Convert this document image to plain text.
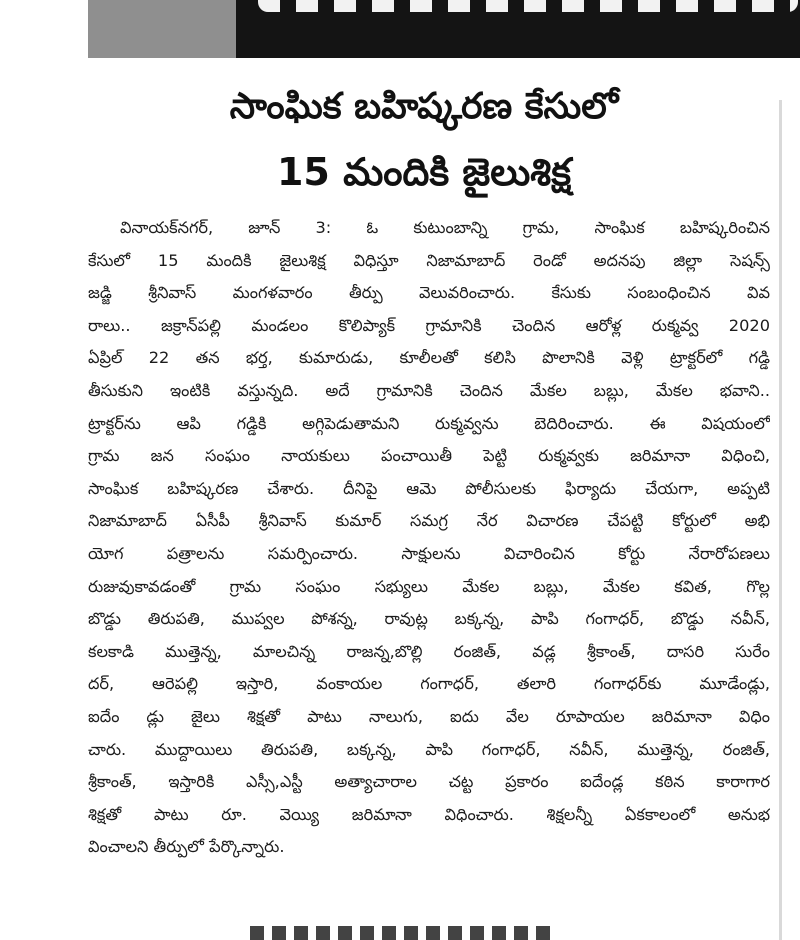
సాంఘిక బహిష్కరణ కేసులో
15 మందికి జైలుశిక్ష
వినాయక్‌నగర్, జూన్ 3: ఓ కుటుంబాన్ని గ్రామ, సాంఘిక బహిష్కరించిన
కేసులో 15 మందికి జైలుశిక్ష విధిస్తూ నిజామాబాద్ రెండో అదనపు జిల్లా సెషన్స్
జడ్జి శ్రీనివాస్ మంగళవారం తీర్పు వెలువరించారు. కేసుకు సంబంధించిన వివ
రాలు.. జక్రాన్‌పల్లి మండలం కొలిప్యాక్ గ్రామానికి చెందిన ఆరోళ్ల రుక్మవ్వ 2020
ఏప్రిల్ 22 తన భర్త, కుమారుడు, కూలీలతో కలిసి పొలానికి వెళ్లి ట్రాక్టర్‌లో గడ్డి
తీసుకుని ఇంటికి వస్తున్నది. అదే గ్రామానికి చెందిన మేకల బబ్లు, మేకల భవాని..
ట్రాక్టర్‌ను ఆపి గడ్డికి అగ్గిపెడుతామని రుక్మవ్వను బెదిరించారు. ఈ విషయంలో
గ్రామ జన సంఘం నాయకులు పంచాయితీ పెట్టి రుక్మవ్వకు జరిమానా విధించి,
సాంఘిక బహిష్కరణ చేశారు. దీనిపై ఆమె పోలీసులకు ఫిర్యాదు చేయగా, అప్పటి
నిజామాబాద్ ఏసీపీ శ్రీనివాస్ కుమార్ సమగ్ర నేర విచారణ చేపట్టి కోర్టులో అభి
యోగ పత్రాలను సమర్పించారు. సాక్షులను విచారించిన కోర్టు నేరారోపణలు
రుజువుకావడంతో గ్రామ సంఘం సభ్యులు మేకల బబ్లు, మేకల కవిత, గొల్ల
బొడ్డు తిరుపతి, ముప్వల పోశన్న, రావుట్ల బక్కన్న, పాపి గంగాధర్, బొడ్డు నవీన్,
కలకాడి ముత్తెన్న, మాలచిన్న రాజన్న,బొల్లి రంజిత్, వడ్ల శ్రీకాంత్, దాసరి సురేం
దర్, ఆరెపల్లి ఇస్తారి, వంకాయల గంగాధర్, తలారి గంగాధర్‌కు మూడేండ్లు,
ఐదేం డ్లు జైలు శిక్షతో పాటు నాలుగు, ఐదు వేల రూపాయల జరిమానా విధిం
చారు. ముద్దాయిలు తిరుపతి, బక్కన్న, పాపి గంగాధర్, నవీన్, ముత్తెన్న, రంజిత్,
శ్రీకాంత్, ఇస్తారికి ఎస్సీ,ఎస్టీ అత్యాచారాల చట్ట ప్రకారం ఐదేండ్ల కఠిన కారాగార
శిక్షతో పాటు రూ. వెయ్యి జరిమానా విధించారు. శిక్షలన్నీ ఏకకాలంలో అనుభ
వించాలని తీర్పులో పేర్కొన్నారు.
